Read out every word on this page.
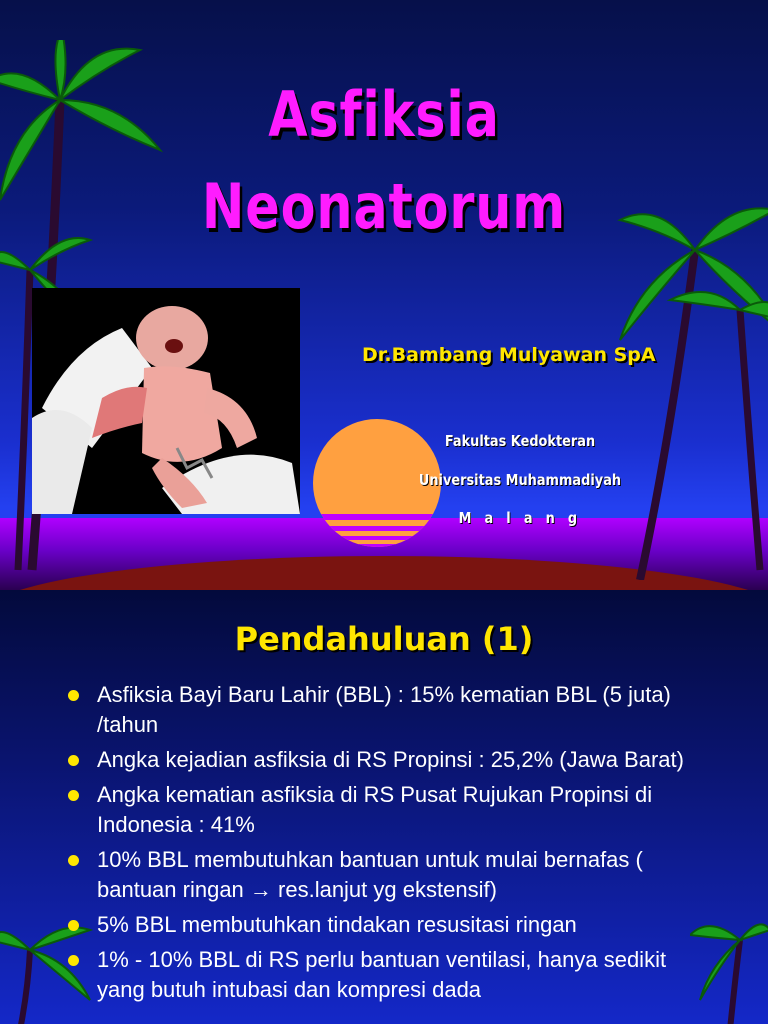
Asfiksia
Neonatorum
Dr.Bambang Mulyawan SpA
Fakultas Kedokteran
Universitas Muhammadiyah
M a l a n g
Pendahuluan (1)
Asfiksia Bayi Baru Lahir (BBL) : 15% kematian BBL (5 juta) /tahun
Angka kejadian asfiksia di RS Propinsi : 25,2% (Jawa Barat)
Angka kematian asfiksia di RS Pusat Rujukan Propinsi di Indonesia : 41%
10% BBL membutuhkan bantuan untuk mulai bernafas ( bantuan ringan → res.lanjut yg ekstensif)
5% BBL membutuhkan tindakan resusitasi ringan
1% - 10% BBL di RS perlu bantuan ventilasi, hanya sedikit yang butuh intubasi dan kompresi dada
